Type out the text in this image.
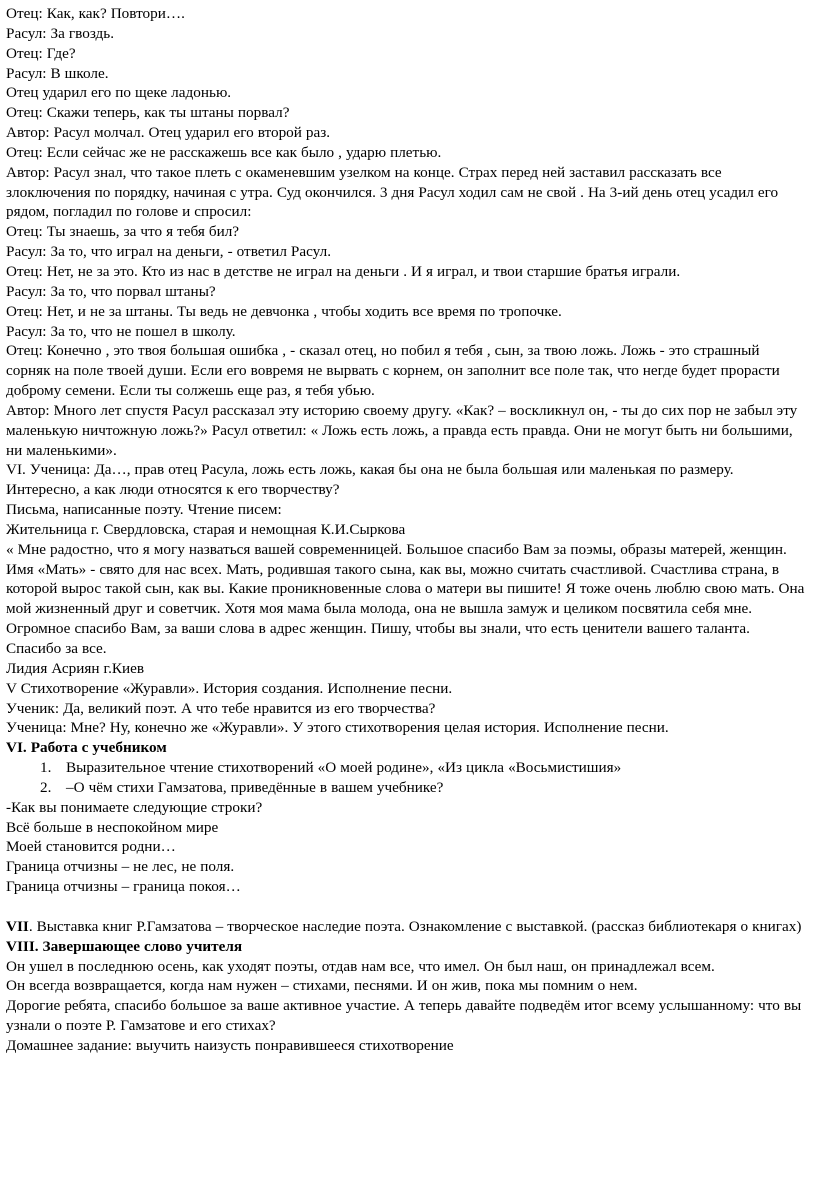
Отец: Как, как? Повтори….

Расул: За гвоздь.

Отец: Где?

Расул: В школе.

Отец ударил его по щеке ладонью.

Отец: Скажи теперь, как ты штаны порвал?

Автор: Расул молчал. Отец ударил его второй раз.

Отец: Если сейчас же не расскажешь все как было , ударю плетью.

Автор: Расул знал, что такое плеть с окаменевшим узелком на конце. Страх перед ней заставил рассказать все злоключения по порядку, начиная с утра. Суд окончился. 3 дня Расул ходил сам не свой . На 3-ий день отец усадил его рядом, погладил по голове и спросил:

Отец: Ты знаешь, за что я тебя бил?

Расул: За то, что играл на деньги, - ответил Расул.

Отец: Нет, не за это. Кто из нас в детстве не играл на деньги . И я играл, и твои старшие братья играли.

Расул: За то, что порвал штаны?

Отец: Нет, и не за штаны. Ты ведь не девчонка , чтобы ходить все время по тропочке.

Расул: За то, что не пошел в школу.

Отец: Конечно , это твоя большая ошибка , - сказал отец, но побил я тебя , сын, за твою ложь. Ложь - это страшный сорняк на поле твоей души. Если его вовремя не вырвать с корнем, он заполнит все поле так, что негде будет прорасти доброму семени. Если ты солжешь еще раз, я тебя убью.

Автор: Много лет спустя Расул рассказал эту историю своему другу. «Как? – воскликнул он, - ты до сих пор не забыл эту маленькую ничтожную ложь?» Расул ответил: « Ложь есть ложь, а правда есть правда. Они не могут быть ни большими, ни маленькими».

VI. Ученица: Да…, прав отец Расула, ложь есть ложь, какая бы она не была большая или маленькая по размеру. Интересно, а как люди относятся к его творчеству?

Письма, написанные поэту. Чтение писем:

Жительница г. Свердловска, старая и немощная К.И.Сыркова

« Мне радостно, что я могу назваться вашей современницей. Большое спасибо Вам за поэмы, образы матерей, женщин. Имя «Мать» - свято для нас всех. Мать, родившая такого сына, как вы, можно считать счастливой. Счастлива страна, в которой вырос такой сын, как вы. Какие проникновенные слова о матери вы пишите! Я тоже очень люблю свою мать. Она мой жизненный друг и советчик. Хотя моя мама была молода, она не вышла замуж и целиком посвятила себя мне. Огромное спасибо Вам, за ваши слова в адрес женщин. Пишу, чтобы вы знали, что есть ценители вашего таланта. Спасибо за все.

Лидия Асриян г.Киев

V Стихотворение «Журавли». История создания. Исполнение песни.

Ученик: Да, великий поэт. А что тебе нравится из его творчества?

Ученица: Мне? Ну, конечно же «Журавли». У этого стихотворения целая история. Исполнение песни.

VI. Работа с учебником

1. Выразительное чтение стихотворений «О моей родине», «Из цикла «Восьмистишия»
2. –О чём стихи Гамзатова, приведённые в вашем учебнике?

-Как вы понимаете следующие строки?

Всё больше в неспокойном мире

Моей становится родни…

Граница отчизны – не лес, не поля.

Граница отчизны – граница покоя…

VII. Выставка книг Р.Гамзатова – творческое наследие поэта. Ознакомление с выставкой. (рассказ библиотекаря о книгах)

VIII. Завершающее слово учителя

Он ушел в последнюю осень, как уходят поэты, отдав нам все, что имел. Он был наш, он принадлежал всем.

Он всегда возвращается, когда нам нужен – стихами, песнями. И он жив, пока мы помним о нем.

Дорогие ребята, спасибо большое за ваше активное участие. А теперь давайте подведём итог всему услышанному: что вы узнали о поэте Р. Гамзатове и его стихах?

Домашнее задание: выучить наизусть понравившееся стихотворение
